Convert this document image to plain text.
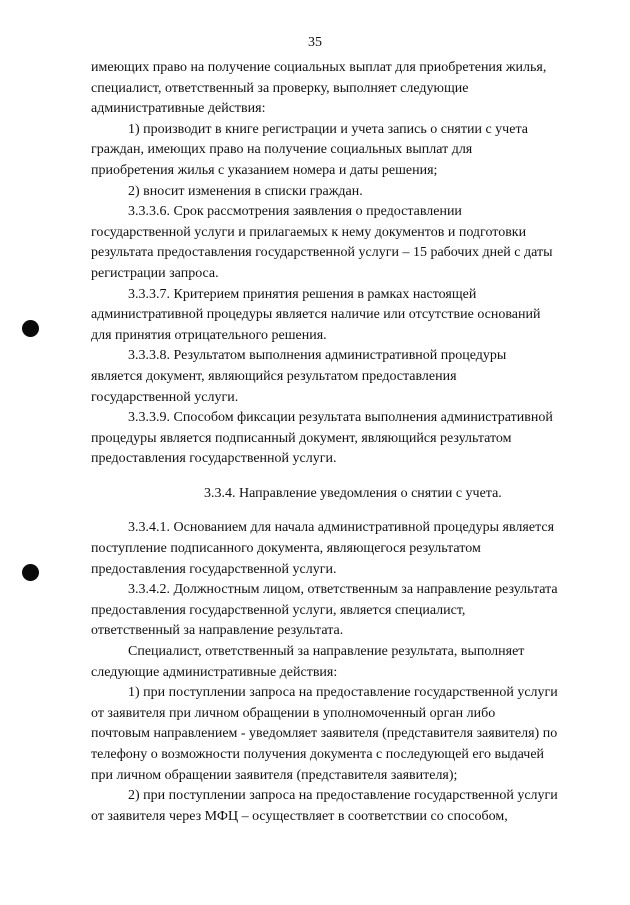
35

имеющих право на получение социальных выплат для приобретения жилья,
специалист, ответственный за проверку, выполняет следующие
административные действия:

1) производит в книге регистрации и учета запись о снятии с учета
граждан, имеющих право на получение социальных выплат для
приобретения жилья с указанием номера и даты решения;

2) вносит изменения в списки граждан.

3.3.3.6. Срок рассмотрения заявления о предоставлении
государственной услуги и прилагаемых к нему документов и подготовки
результата предоставления государственной услуги – 15 рабочих дней с даты
регистрации запроса.

3.3.3.7. Критерием принятия решения в рамках настоящей
административной процедуры является наличие или отсутствие оснований
для принятия отрицательного решения.

3.3.3.8. Результатом выполнения административной процедуры
является документ, являющийся результатом предоставления
государственной услуги.

3.3.3.9. Способом фиксации результата выполнения административной
процедуры является подписанный документ, являющийся результатом
предоставления государственной услуги.

3.3.4. Направление уведомления о снятии с учета.

3.3.4.1. Основанием для начала административной процедуры является
поступление подписанного документа, являющегося результатом
предоставления государственной услуги.

3.3.4.2. Должностным лицом, ответственным за направление результата
предоставления государственной услуги, является специалист,
ответственный за направление результата.

Специалист, ответственный за направление результата, выполняет
следующие административные действия:

1) при поступлении запроса на предоставление государственной услуги
от заявителя при личном обращении в уполномоченный орган либо
почтовым направлением - уведомляет заявителя (представителя заявителя) по
телефону о возможности получения документа с последующей его выдачей
при личном обращении заявителя (представителя заявителя);

2) при поступлении запроса на предоставление государственной услуги
от заявителя через МФЦ – осуществляет в соответствии со способом,
